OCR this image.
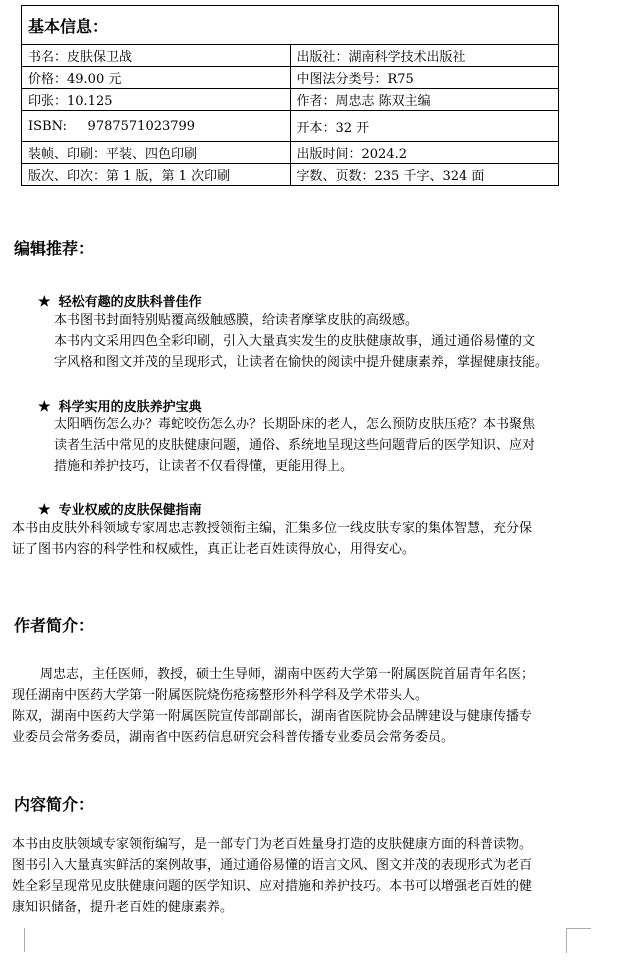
基本信息：	
书名：皮肤保卫战	出版社：湖南科学技术出版社
价格：49.00 元	中图法分类号：R75
印张：10.125	作者：周忠志 陈双主编
ISBN:     9787571023799	开本：32 开
装帧、印刷：平装、四色印刷	出版时间：2024.2
版次、印次：第 1 版，第 1 次印刷	字数、页数：235 千字、324 面
编辑推荐：
★ 轻松有趣的皮肤科普佳作
本书图书封面特别贴覆高级触感膜，给读者摩挲皮肤的高级感。
本书内文采用四色全彩印刷，引入大量真实发生的皮肤健康故事，通过通俗易懂的文
字风格和图文并茂的呈现形式，让读者在愉快的阅读中提升健康素养，掌握健康技能。
★ 科学实用的皮肤养护宝典
太阳晒伤怎么办？毒蛇咬伤怎么办？长期卧床的老人，怎么预防皮肤压疮？本书聚焦
读者生活中常见的皮肤健康问题，通俗、系统地呈现这些问题背后的医学知识、应对
措施和养护技巧，让读者不仅看得懂，更能用得上。
★ 专业权威的皮肤保健指南
本书由皮肤外科领域专家周忠志教授领衔主编，汇集多位一线皮肤专家的集体智慧，充分保
证了图书内容的科学性和权威性，真正让老百姓读得放心，用得安心。
作者简介：
周忠志，主任医师，教授，硕士生导师，湖南中医药大学第一附属医院首届青年名医；
现任湖南中医药大学第一附属医院烧伤疮疡整形外科学科及学术带头人。
陈双，湖南中医药大学第一附属医院宣传部副部长，湖南省医院协会品牌建设与健康传播专
业委员会常务委员，湖南省中医药信息研究会科普传播专业委员会常务委员。
内容简介：
本书由皮肤领域专家领衔编写，是一部专门为老百姓量身打造的皮肤健康方面的科普读物。
图书引入大量真实鲜活的案例故事，通过通俗易懂的语言文风、图文并茂的表现形式为老百
姓全彩呈现常见皮肤健康问题的医学知识、应对措施和养护技巧。本书可以增强老百姓的健
康知识储备，提升老百姓的健康素养。
